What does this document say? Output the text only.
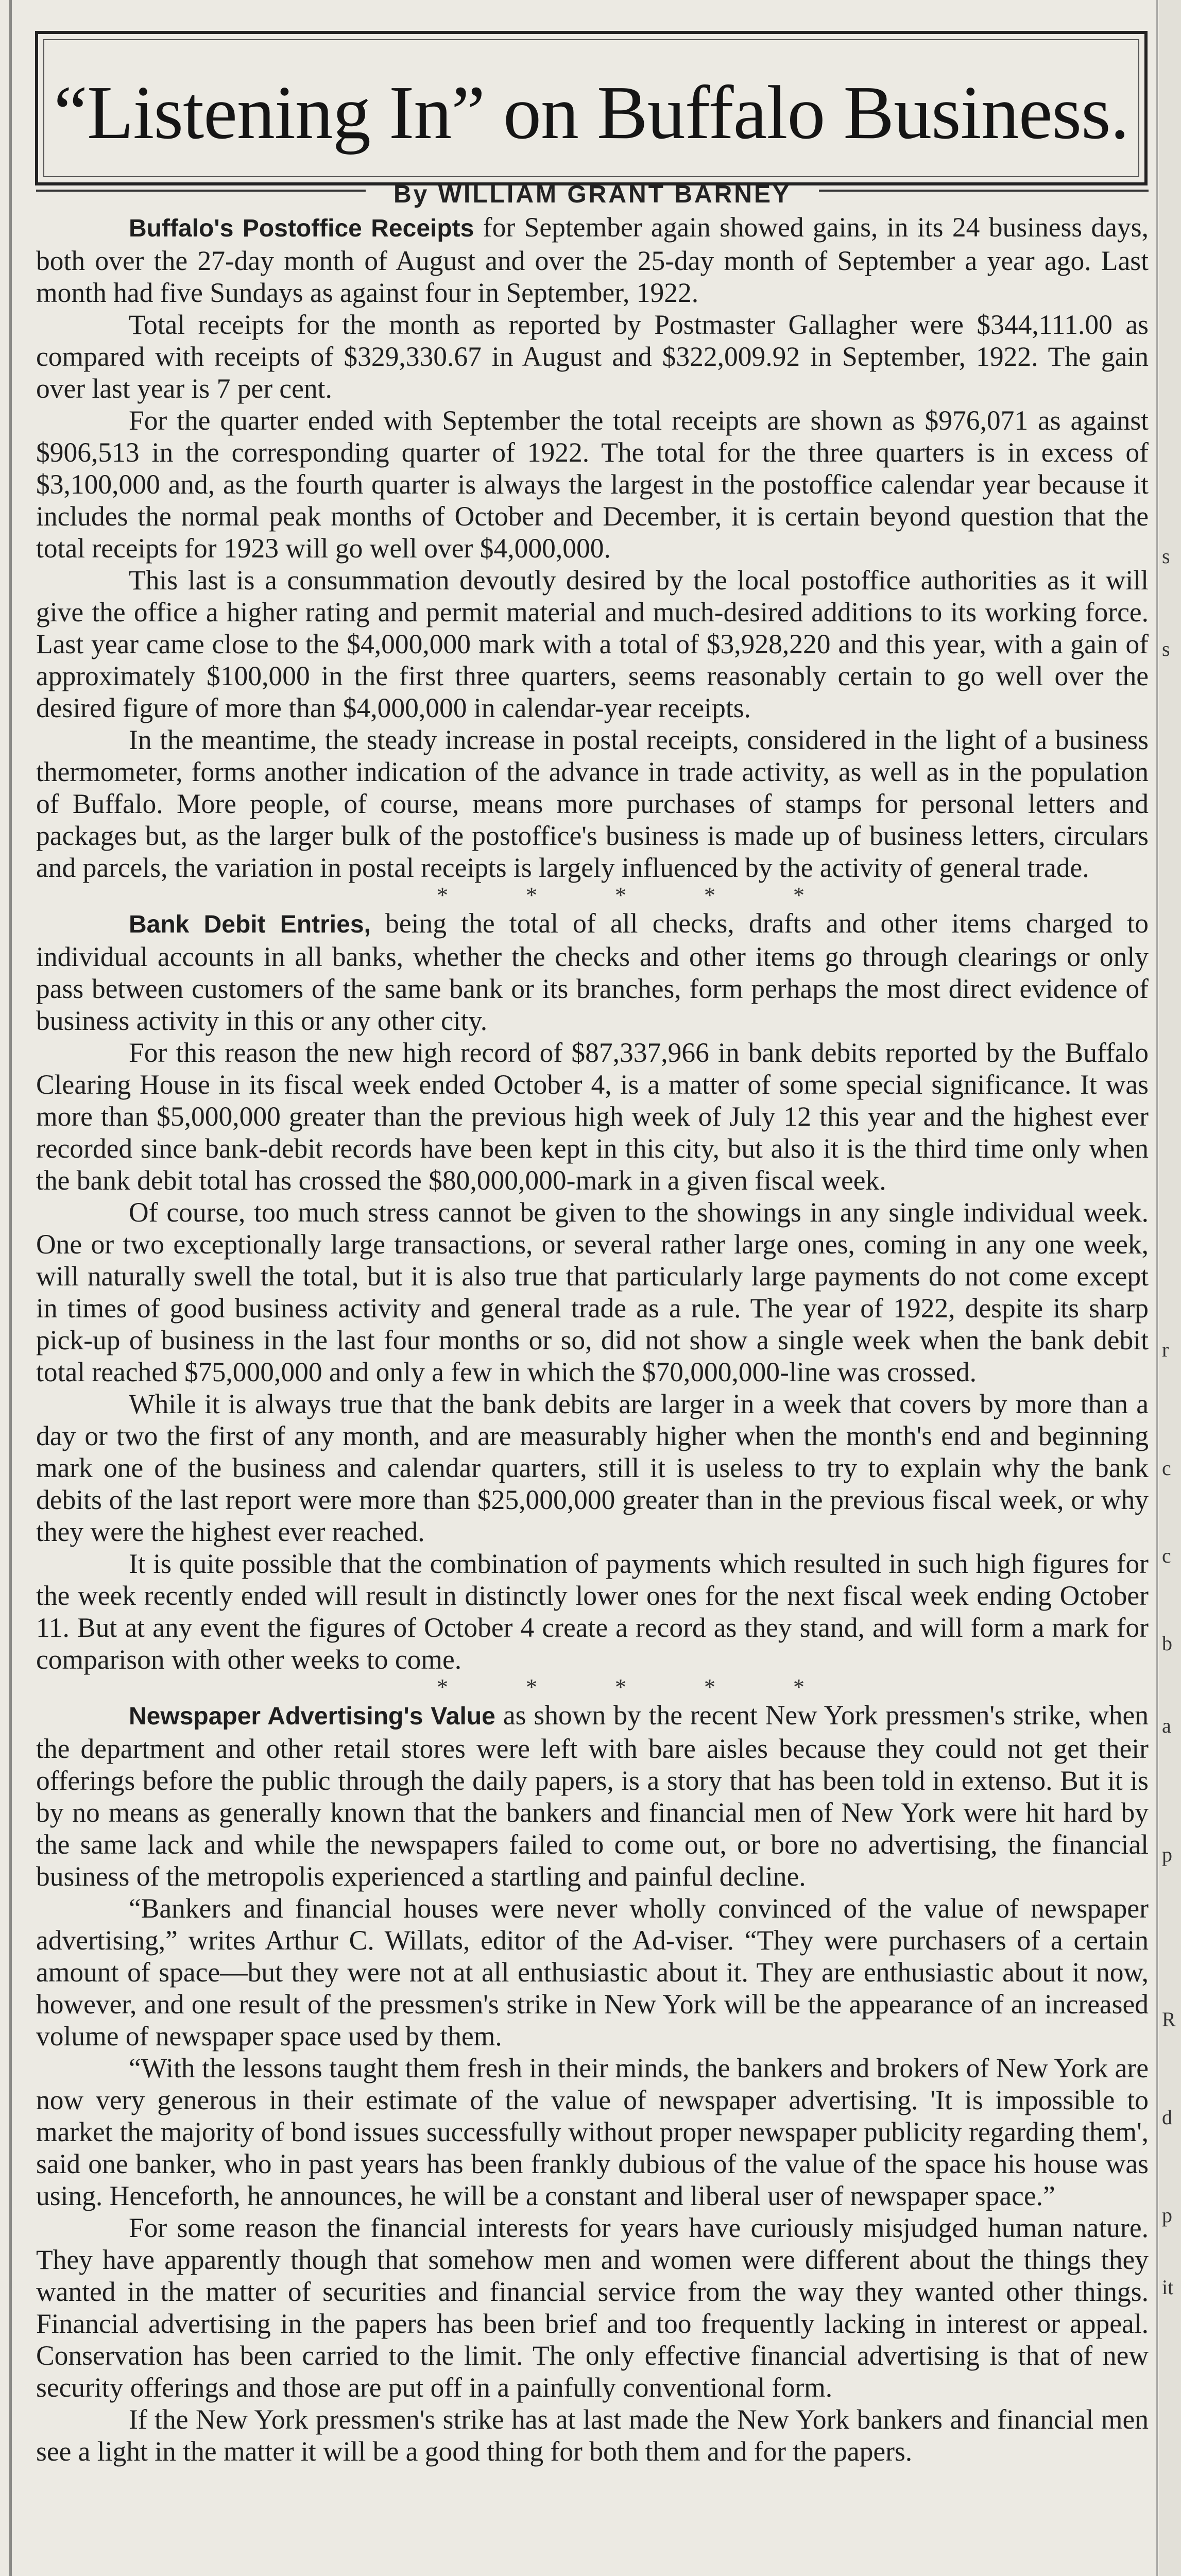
s
s
r
c
c
b
a
p
R
d
p
it
“Listening In” on Buffalo Business.
By WILLIAM GRANT BARNEY

Buffalo's Postoffice Receipts for September again showed gains, in its 24 business days, both over the 27-day month of August and over the 25-day month of September a year ago. Last month had five Sundays as against four in September, 1922.

Total receipts for the month as reported by Postmaster Gallagher were $344,111.00 as compared with receipts of $329,330.67 in August and $322,009.92 in September, 1922. The gain over last year is 7 per cent.

For the quarter ended with September the total receipts are shown as $976,071 as against $906,513 in the corresponding quarter of 1922. The total for the three quarters is in excess of $3,100,000 and, as the fourth quarter is always the largest in the postoffice calendar year because it includes the normal peak months of October and December, it is certain beyond question that the total receipts for 1923 will go well over $4,000,000.

This last is a consummation devoutly desired by the local postoffice authorities as it will give the office a higher rating and permit material and much-desired additions to its working force. Last year came close to the $4,000,000 mark with a total of $3,928,220 and this year, with a gain of approximately $100,000 in the first three quarters, seems reasonably certain to go well over the desired figure of more than $4,000,000 in calendar-year receipts.

In the meantime, the steady increase in postal receipts, considered in the light of a business thermometer, forms another indication of the advance in trade activity, as well as in the population of Buffalo. More people, of course, means more purchases of stamps for personal letters and packages but, as the larger bulk of the postoffice's business is made up of business letters, circulars and parcels, the variation in postal receipts is largely influenced by the activity of general trade.

* * * * *

Bank Debit Entries, being the total of all checks, drafts and other items charged to individual accounts in all banks, whether the checks and other items go through clearings or only pass between customers of the same bank or its branches, form perhaps the most direct evidence of business activity in this or any other city.

For this reason the new high record of $87,337,966 in bank debits reported by the Buffalo Clearing House in its fiscal week ended October 4, is a matter of some special significance. It was more than $5,000,000 greater than the previous high week of July 12 this year and the highest ever recorded since bank-debit records have been kept in this city, but also it is the third time only when the bank debit total has crossed the $80,000,000-mark in a given fiscal week.

Of course, too much stress cannot be given to the showings in any single individual week. One or two exceptionally large transactions, or several rather large ones, coming in any one week, will naturally swell the total, but it is also true that particularly large payments do not come except in times of good business activity and general trade as a rule. The year of 1922, despite its sharp pick-up of business in the last four months or so, did not show a single week when the bank debit total reached $75,000,000 and only a few in which the $70,000,000-line was crossed.

While it is always true that the bank debits are larger in a week that covers by more than a day or two the first of any month, and are measurably higher when the month's end and beginning mark one of the business and calendar quarters, still it is useless to try to explain why the bank debits of the last report were more than $25,000,000 greater than in the previous fiscal week, or why they were the highest ever reached.

It is quite possible that the combination of payments which resulted in such high figures for the week recently ended will result in distinctly lower ones for the next fiscal week ending October 11. But at any event the figures of October 4 create a record as they stand, and will form a mark for comparison with other weeks to come.

* * * * *

Newspaper Advertising's Value as shown by the recent New York pressmen's strike, when the department and other retail stores were left with bare aisles because they could not get their offerings before the public through the daily papers, is a story that has been told in extenso. But it is by no means as generally known that the bankers and financial men of New York were hit hard by the same lack and while the newspapers failed to come out, or bore no advertising, the financial business of the metropolis experienced a startling and painful decline.

“Bankers and financial houses were never wholly convinced of the value of newspaper advertising,” writes Arthur C. Willats, editor of the Ad-viser. “They were purchasers of a certain amount of space—but they were not at all enthusiastic about it. They are enthusiastic about it now, however, and one result of the pressmen's strike in New York will be the appearance of an increased volume of newspaper space used by them.

“With the lessons taught them fresh in their minds, the bankers and brokers of New York are now very generous in their estimate of the value of newspaper advertising. 'It is impossible to market the majority of bond issues successfully without proper newspaper publicity regarding them', said one banker, who in past years has been frankly dubious of the value of the space his house was using. Henceforth, he announces, he will be a constant and liberal user of newspaper space.”

For some reason the financial interests for years have curiously misjudged human nature. They have apparently though that somehow men and women were different about the things they wanted in the matter of securities and financial service from the way they wanted other things. Financial advertising in the papers has been brief and too frequently lacking in interest or appeal. Conservation has been carried to the limit. The only effective financial advertising is that of new security offerings and those are put off in a painfully conventional form.

If the New York pressmen's strike has at last made the New York bankers and financial men see a light in the matter it will be a good thing for both them and for the papers.
